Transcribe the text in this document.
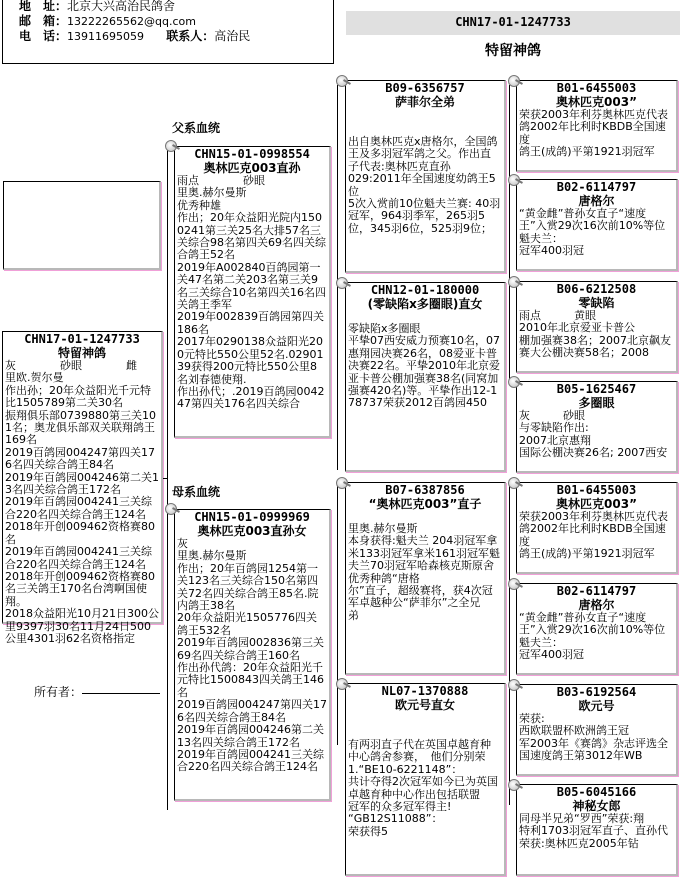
地　址：北京大兴高治民鸽舍
邮　箱：13222265562@qq.com
电　话：13911695059 联系人：高治民
CHN17-01-1247733
特留神鸽
CHN17-01-1247733
特留神鸽
灰　　　　砂眼　　　　雌
里欧.贺尔曼
作出孙；20年众益阳光千元特比1505789第二关30名
振翔俱乐部0739880第三关101名；奥龙俱乐部双关联翔鸽王169名
2019百鸽园004247第四关176名四关综合鸽王84名
2019年百鸽园004246第二关13名四关综合鸽王172名
2019年百鸽园004241三关综合220名四关综合鸽王124名
2018年开创009462资格赛80名
2019年百鸽园004241三关综合220名四关综合鸽王124名
2018年开创009462资格赛80名三关鸽王170名台湾啊国使翔。
2018众益阳光10月21日300公里9397羽30名11月24日500公里4301羽62名资格指定
父系血统
母系血统
所有者：
CHN15-01-0998554
奥林匹克003直孙
雨点　　　　砂眼
里奥.赫尔曼斯
优秀种雄
作出；20年众益阳光院内1500241第三关25名大排57名三关综合98名第四关69名四关综合鸽王52名
2019年A002840百鸽园第一关47名第二关203名第三关9名三关综合10名第四关16名四关鸽王季军
2019年002839百鸽园第四关186名
2017年0290138众益阳光200元特比550公里52名.0290139获得200元特比550公里8名刘春德使翔.
作出孙代；.2019百鸽园004247第四关176名四关综合
CHN15-01-0999969
奥林匹克003直孙女
灰
里奥.赫尔曼斯
作出；20年百鸽园1254第一关123名三关综合150名第四关72名四关综合鸽王85名.院内鸽王38名
20年众益阳光1505776四关鸽王532名
2019年百鸽园002836第三关69名四关综合鸽王160名
作出孙代鸽：20年众益阳光千元特比1500843四关鸽王146名
2019百鸽园004247第四关176名四关综合鸽王84名
2019年百鸽园004246第二关13名四关综合鸽王172名
2019年百鸽园004241三关综合220名四关综合鸽王124名
B09-6356757
萨菲尔全弟
出自奥林匹克x唐格尔，全国鸽
王及多羽冠军鸽之父。作出直
子代表:奥林匹克直孙
029:2011年全国速度幼鸽王5位
5次入赏前10位魁夫兰赛: 40羽冠军，964羽季军，265羽5位，345羽6位，525羽9位；
CHN12-01-180000
(零缺陷x多圈眼)直女
零缺陷x多圈眼
平挚07西安威力预赛10名，07
惠翔园决赛26名，08爱亚卡普
决赛22名。平挚2010年北京爱
亚卡普公棚加强赛38名(同窝加强赛420名)等。平挚作出12-178737荣获2012百鸽园450
B07-6387856
“奥林匹克003”直子
里奥.赫尔曼斯
本身获得:魁夫兰 204羽冠军拿米133羽冠军拿米161羽冠军魁夫兰70羽冠军哈森核克斯原舍优秀种鸽“唐格
尔”直子，超级赛将，获4次冠
军卓越种公“萨菲尔”之全兄
弟
NL07-1370888
欧元号直女
有两羽直子代在英国卓越育种
中心鸽舍参赛，　他们分别荣
1.“BE10-6221148”：
共计夺得2次冠军如今已为英国卓越育种中心作出包括联盟
冠军的众多冠军得主!
“GB12S11088”：
荣获得5
B01-6455003
奥林匹克003”
荣获2003年利芬奥林匹克代表
鸽2002年比利时KBDB全国速度
鸽王(成鸽)平第1921羽冠军
B02-6114797
唐格尔
“黄金雌”普孙女直子“速度
王”入赏29次16次前10%等位魁夫兰：
冠军400羽冠
B06-6212508
零缺陷
雨点　　　黄眼
2010年北京爱亚卡普公
棚加强赛38名；2007北京飙友
赛大公棚决赛58名；2008
B05-1625467
多圈眼
灰　　　砂眼
与零缺陷作出:
2007北京惠翔
国际公棚决赛26名; 2007西安
B01-6455003
奥林匹克003”
荣获2003年利芬奥林匹克代表
鸽2002年比利时KBDB全国速度
鸽王(成鸽)平第1921羽冠军
B02-6114797
唐格尔
“黄金雌”普孙女直子“速度
王”入赏29次16次前10%等位魁夫兰：
冠军400羽冠
B03-6192564
欧元号
荣获:
西欧联盟杯欧洲鸽王冠
军2003年《赛鸽》杂志评选全
国速度鸽王第3012年WB
B05-6045166
神秘女郎
同母半兄弟“罗西”荣获:翔
特利1703羽冠军直子、直孙代
荣获:奥林匹克2005年钻
